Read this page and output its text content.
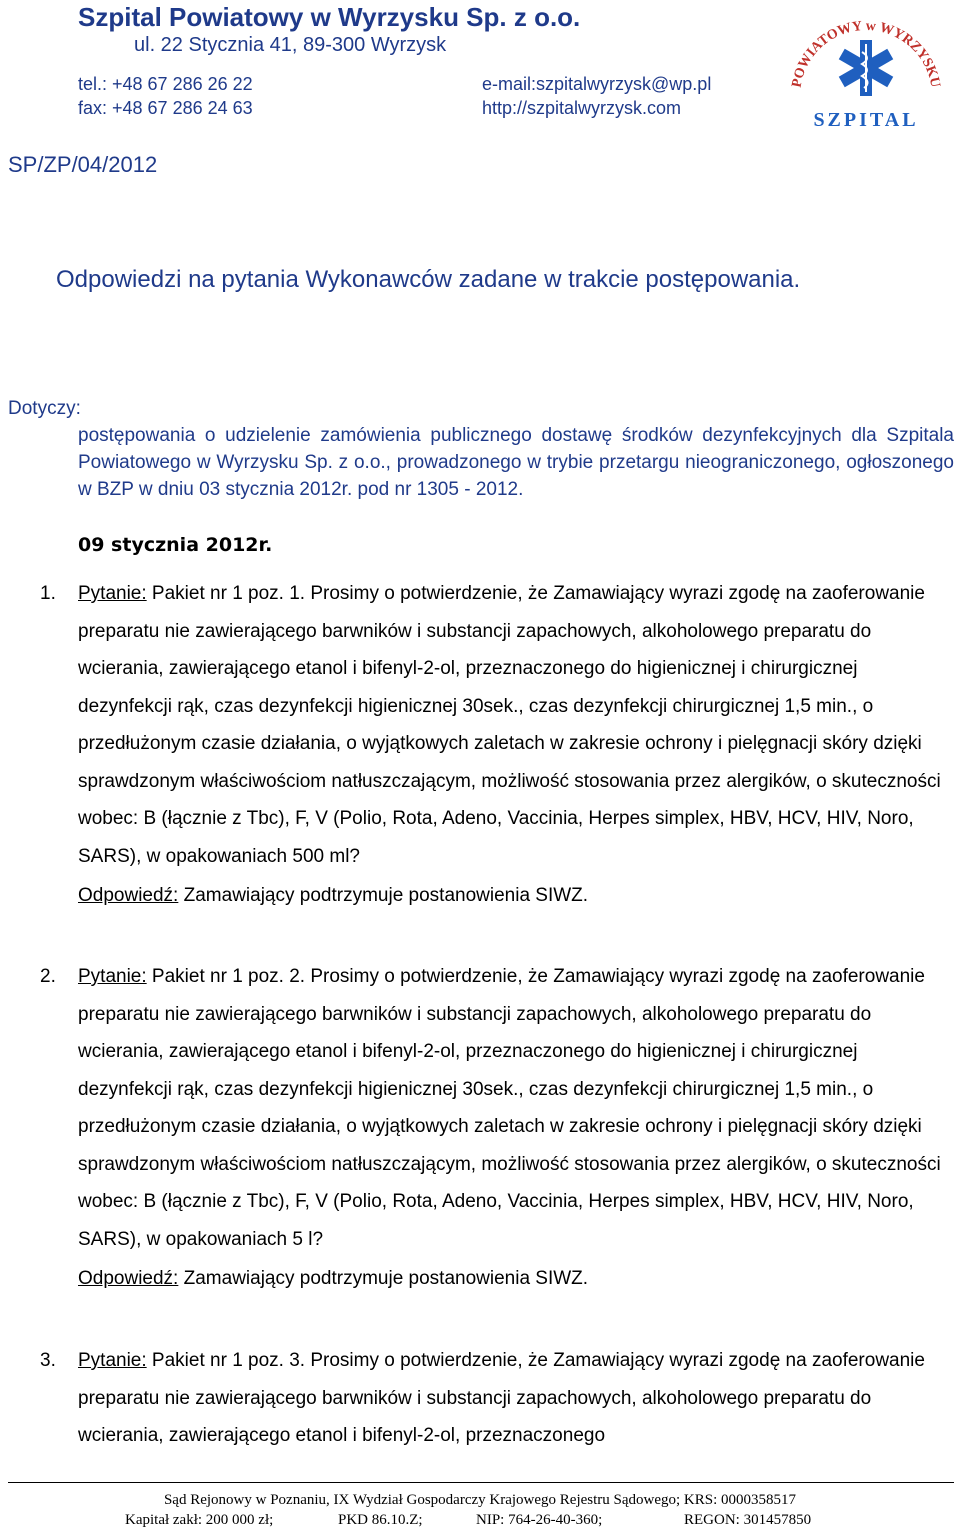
Szpital Powiatowy w Wyrzysku Sp. z o.o.
ul. 22 Stycznia 41, 89-300 Wyrzysk
tel.: +48 67 286 26 22
fax: +48 67 286 24 63
e-mail:szpitalwyrzysk@wp.pl
http://szpitalwyrzysk.com
SP/ZP/04/2012
POWIATOWY w WYRZYSKU
SZPITAL
Odpowiedzi na pytania Wykonawców zadane w trakcie postępowania.
Dotyczy:
postępowania o udzielenie zamówienia publicznego dostawę środków dezynfekcyjnych dla Szpitala Powiatowego w Wyrzysku Sp. z o.o., prowadzonego w trybie przetargu nieograniczonego, ogłoszonego w BZP w dniu 03 stycznia 2012r. pod nr 1305 - 2012.
09 stycznia 2012r.
1. Pytanie: Pakiet nr 1 poz. 1. Prosimy o potwierdzenie, że Zamawiający wyrazi zgodę na zaoferowanie preparatu nie zawierającego barwników i substancji zapachowych, alkoholowego preparatu do wcierania, zawierającego etanol i bifenyl-2-ol, przeznaczonego do higienicznej i chirurgicznej dezynfekcji rąk, czas dezynfekcji higienicznej 30sek., czas dezynfekcji chirurgicznej 1,5 min., o przedłużonym czasie działania, o wyjątkowych zaletach w zakresie ochrony i pielęgnacji skóry dzięki sprawdzonym właściwościom natłuszczającym, możliwość stosowania przez alergików, o skuteczności wobec: B (łącznie z Tbc), F, V (Polio, Rota, Adeno, Vaccinia, Herpes simplex, HBV, HCV, HIV, Noro, SARS), w opakowaniach 500 ml?
Odpowiedź: Zamawiający podtrzymuje postanowienia SIWZ.
2. Pytanie: Pakiet nr 1 poz. 2. Prosimy o potwierdzenie, że Zamawiający wyrazi zgodę na zaoferowanie preparatu nie zawierającego barwników i substancji zapachowych, alkoholowego preparatu do wcierania, zawierającego etanol i bifenyl-2-ol, przeznaczonego do higienicznej i chirurgicznej dezynfekcji rąk, czas dezynfekcji higienicznej 30sek., czas dezynfekcji chirurgicznej 1,5 min., o przedłużonym czasie działania, o wyjątkowych zaletach w zakresie ochrony i pielęgnacji skóry dzięki sprawdzonym właściwościom natłuszczającym, możliwość stosowania przez alergików, o skuteczności wobec: B (łącznie z Tbc), F, V (Polio, Rota, Adeno, Vaccinia, Herpes simplex, HBV, HCV, HIV, Noro, SARS), w opakowaniach 5 l?
Odpowiedź: Zamawiający podtrzymuje postanowienia SIWZ.
3. Pytanie: Pakiet nr 1 poz. 3. Prosimy o potwierdzenie, że Zamawiający wyrazi zgodę na zaoferowanie preparatu nie zawierającego barwników i substancji zapachowych, alkoholowego preparatu do wcierania, zawierającego etanol i bifenyl-2-ol, przeznaczonego
Sąd Rejonowy w Poznaniu, IX Wydział Gospodarczy Krajowego Rejestru Sądowego; KRS: 0000358517
Kapitał zakł: 200 000 zł;	PKD 86.10.Z;	NIP: 764-26-40-360;	REGON: 301457850
